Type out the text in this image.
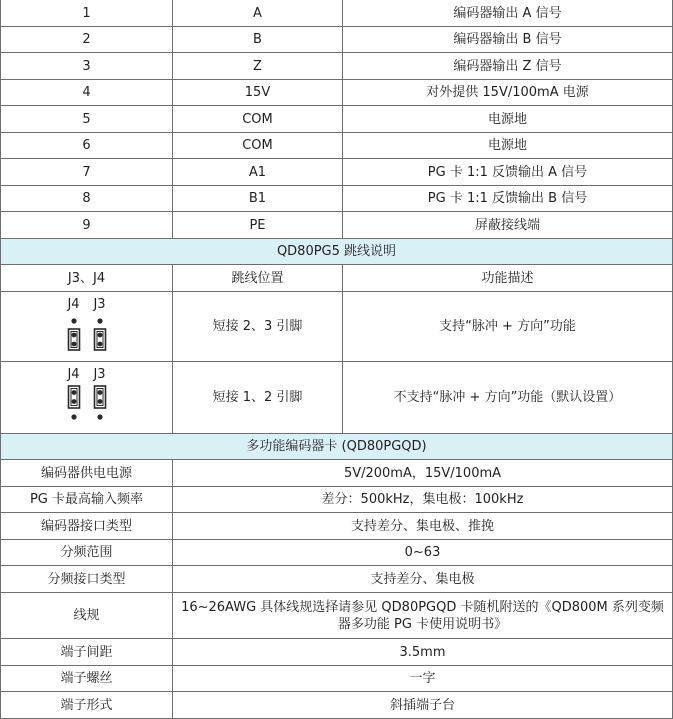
1	A	编码器输出 A 信号
2	B	编码器输出 B 信号
3	Z	编码器输出 Z 信号
4	15V	对外提供 15V/100mA 电源
5	COM	电源地
6	COM	电源地
7	A1	PG 卡 1:1 反馈输出 A 信号
8	B1	PG 卡 1:1 反馈输出 B 信号
9	PE	屏蔽接线端
QD80PG5 跳线说明		
J3、J4	跳线位置	功能描述

J4 J3	短接 2、3 引脚	支持“脉冲 + 方向”功能

J4 J3	短接 1、2 引脚	不支持“脉冲 + 方向”功能（默认设置）
多功能编码器卡 (QD80PGQD)		
编码器供电电源	5V/200mA，15V/100mA	
PG 卡最高输入频率	差分：500kHz，集电极：100kHz	
编码器接口类型	支持差分、集电极、推挽	
分频范围	0~63	
分频接口类型	支持差分、集电极	
线规	16~26AWG 具体线规选择请参见 QD80PGQD 卡随机附送的《QD800M 系列变频器多功能 PG 卡使用说明书》	

端子间距	3.5mm	
端子螺丝	一字	
端子形式	斜插端子台	
